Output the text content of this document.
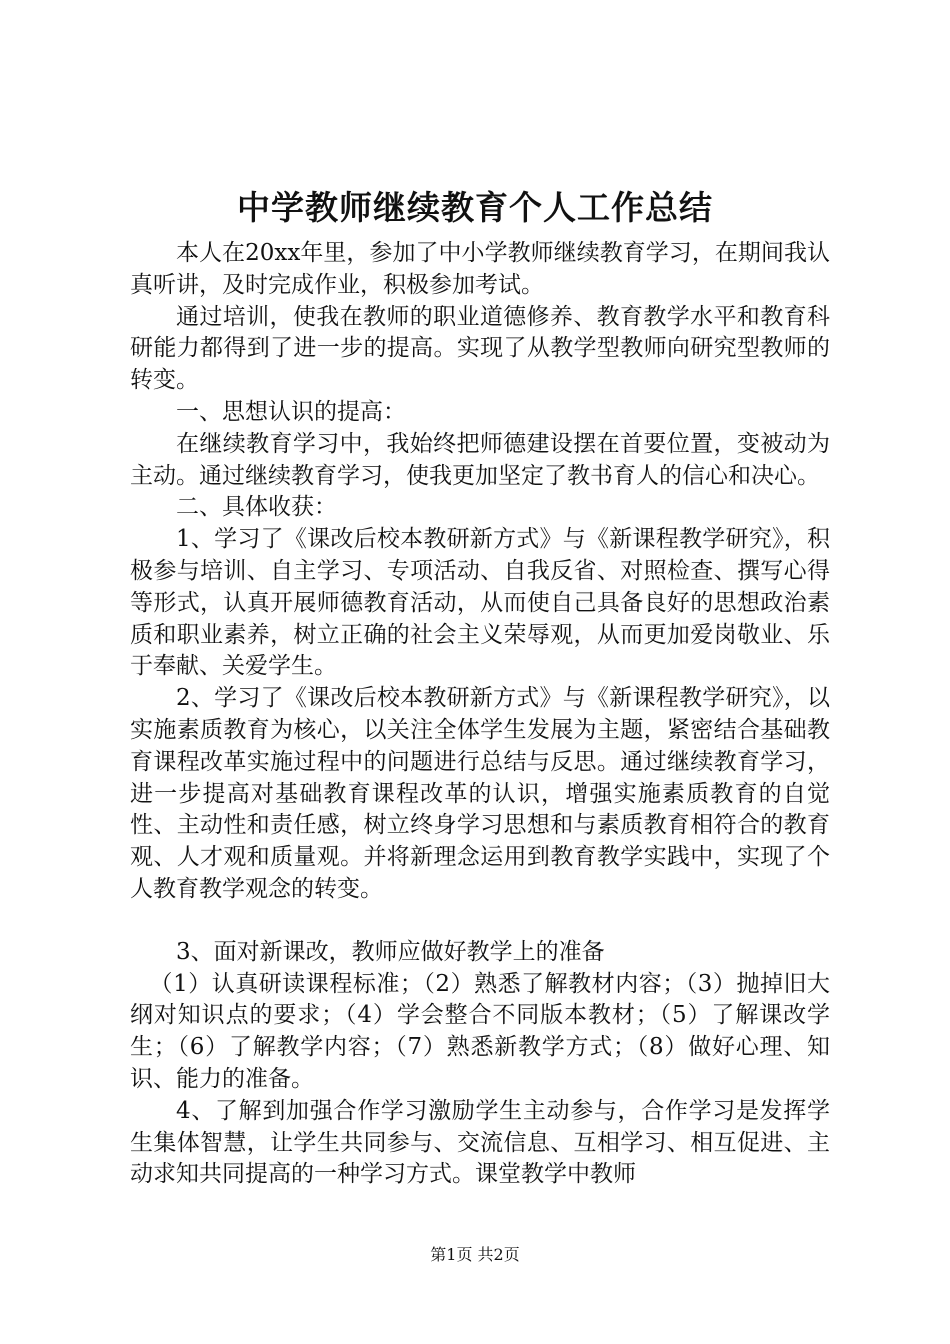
中学教师继续教育个人工作总结

本人在20xx年里，参加了中小学教师继续教育学习，在期间我认真听讲，及时完成作业，积极参加考试。

通过培训，使我在教师的职业道德修养、教育教学水平和教育科研能力都得到了进一步的提高。实现了从教学型教师向研究型教师的转变。

一、思想认识的提高：

在继续教育学习中，我始终把师德建设摆在首要位置，变被动为主动。通过继续教育学习，使我更加坚定了教书育人的信心和决心。

二、具体收获：

1、学习了《课改后校本教研新方式》与《新课程教学研究》，积极参与培训、自主学习、专项活动、自我反省、对照检查、撰写心得等形式，认真开展师德教育活动，从而使自己具备良好的思想政治素质和职业素养，树立正确的社会主义荣辱观，从而更加爱岗敬业、乐于奉献、关爱学生。

2、学习了《课改后校本教研新方式》与《新课程教学研究》，以实施素质教育为核心，以关注全体学生发展为主题，紧密结合基础教育课程改革实施过程中的问题进行总结与反思。通过继续教育学习，进一步提高对基础教育课程改革的认识，增强实施素质教育的自觉性、主动性和责任感，树立终身学习思想和与素质教育相符合的教育观、人才观和质量观。并将新理念运用到教育教学实践中，实现了个人教育教学观念的转变。

3、面对新课改，教师应做好教学上的准备

（1）认真研读课程标准；（2）熟悉了解教材内容；（3）抛掉旧大纲对知识点的要求；（4）学会整合不同版本教材；（5）了解课改学生；（6）了解教学内容；（7）熟悉新教学方式；（8）做好心理、知识、能力的准备。

4、了解到加强合作学习激励学生主动参与，合作学习是发挥学生集体智慧，让学生共同参与、交流信息、互相学习、相互促进、主动求知共同提高的一种学习方式。课堂教学中教师

第1页 共2页
